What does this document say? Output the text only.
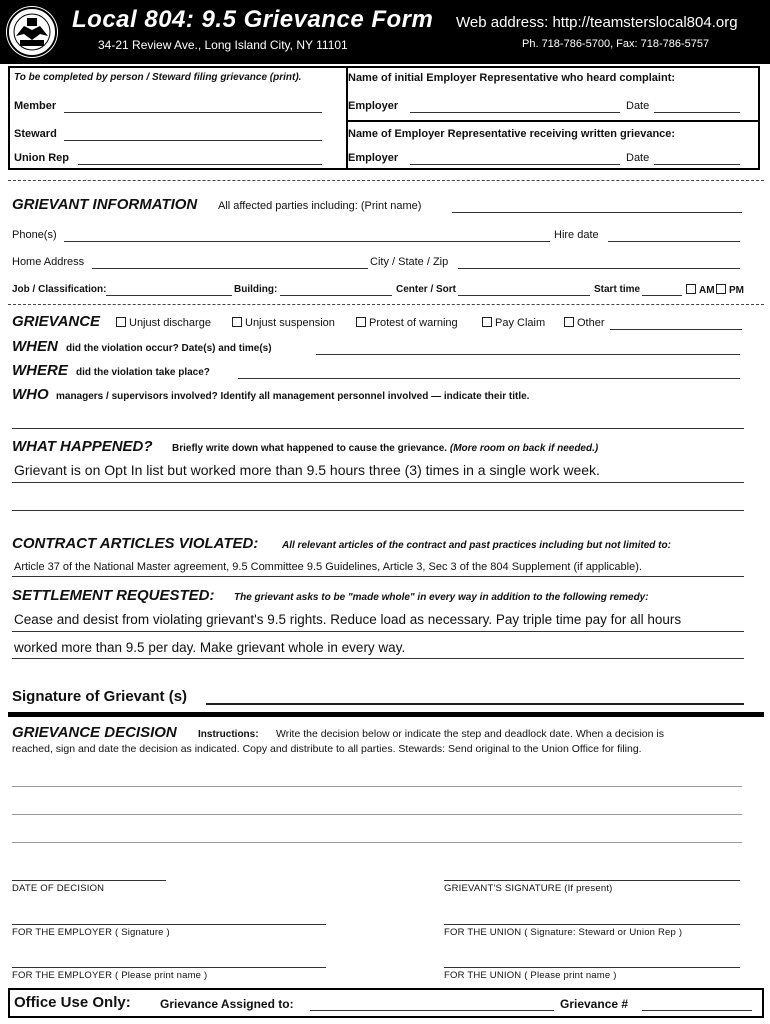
Local 804: 9.5 Grievance Form
34-21 Review Ave., Long Island City, NY 11101
Web address: http://teamsterslocal804.org
Ph. 718-786-5700, Fax: 718-786-5757
To be completed by person / Steward filing grievance (print).
Member
Steward
Union Rep
Name of initial Employer Representative who heard complaint:
Employer	Date
Name of Employer Representative receiving written grievance:
Employer	Date
GRIEVANT INFORMATION All affected parties including: (Print name)
Phone(s)	Hire date
Home Address	City / State / Zip
Job / Classification:	Building:	Center / Sort	Start time	AM	PM
GRIEVANCE	Unjust discharge	Unjust suspension	Protest of warning	Pay Claim	Other
WHEN did the violation occur? Date(s) and time(s)
WHERE did the violation take place?
WHO managers / supervisors involved? Identify all management personnel involved — indicate their title.
WHAT HAPPENED? Briefly write down what happened to cause the grievance. (More room on back if needed.)
Grievant is on Opt In list but worked more than 9.5 hours three (3) times in a single work week.
CONTRACT ARTICLES VIOLATED: All relevant articles of the contract and past practices including but not limited to:
Article 37 of the National Master agreement, 9.5 Committee 9.5 Guidelines, Article 3, Sec 3 of the 804 Supplement (if applicable).
SETTLEMENT REQUESTED: The grievant asks to be "made whole" in every way in addition to the following remedy:
Cease and desist from violating grievant's 9.5 rights. Reduce load as necessary. Pay triple time pay for all hours
worked more than 9.5 per day. Make grievant whole in every way.
Signature of Grievant (s)
GRIEVANCE DECISION Instructions: Write the decision below or indicate the step and deadlock date. When a decision is
reached, sign and date the decision as indicated. Copy and distribute to all parties. Stewards: Send original to the Union Office for filing.
DATE OF DECISION	GRIEVANT'S SIGNATURE (If present)
FOR THE EMPLOYER ( Signature )	FOR THE UNION ( Signature: Steward or Union Rep )
FOR THE EMPLOYER ( Please print name )	FOR THE UNION ( Please print name )
Office Use Only: Grievance Assigned to:	Grievance #
